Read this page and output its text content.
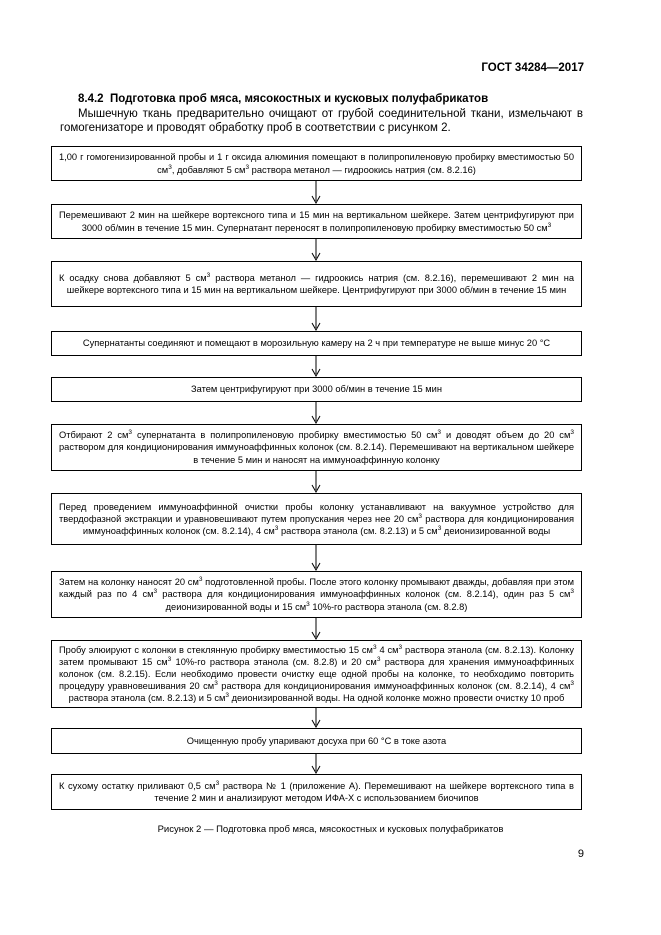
ГОСТ 34284—2017
8.4.2 Подготовка проб мяса, мясокостных и кусковых полуфабрикатов
Мышечную ткань предварительно очищают от грубой соединительной ткани, измельчают в гомогенизаторе и проводят обработку проб в соответствии с рисунком 2.
1,00 г гомогенизированной пробы и 1 г оксида алюминия помещают в полипропиленовую пробирку вместимостью 50 $см^3$, добавляют 5 $см^3$ раствора метанол — гидроокись натрия (см. 8.2.16)
Перемешивают 2 мин на шейкере вортексного типа и 15 мин на вертикальном шейкере. Затем центрифугируют при 3000 об/мин в течение 15 мин. Супернатант переносят в полипропиленовую пробирку вместимостью 50 $см^3$
К осадку снова добавляют 5 $см^3$ раствора метанол — гидроокись натрия (см. 8.2.16), перемешивают 2 мин на шейкере вортексного типа и 15 мин на вертикальном шейкере. Центрифугируют при 3000 об/мин в течение 15 мин
Супернатанты соединяют и помещают в морозильную камеру на 2 ч при температуре не выше минус 20 °С
Затем центрифугируют при 3000 об/мин в течение 15 мин
Отбирают 2 $см^3$ супернатанта в полипропиленовую пробирку вместимостью 50 $см^3$ и доводят объем до 20 $см^3$ раствором для кондиционирования иммуноаффинных колонок (см. 8.2.14). Перемешивают на вертикальном шейкере в течение 5 мин и наносят на иммуноаффинную колонку
Перед проведением иммуноаффинной очистки пробы колонку устанавливают на вакуумное устройство для твердофазной экстракции и уравновешивают путем пропускания через нее 20 $см^3$ раствора для кондиционирования иммуноаффинных колонок (см. 8.2.14), 4 $см^3$ раствора этанола (см. 8.2.13) и 5 $см^3$ деионизированной воды
Затем на колонку наносят 20 $см^3$ подготовленной пробы. После этого колонку промывают дважды, добавляя при этом каждый раз по 4 $см^3$ раствора для кондиционирования иммуноаффинных колонок (см. 8.2.14), один раз 5 $см^3$ деионизированной воды и 15 $см^3$ 10%-го раствора этанола (см. 8.2.8)
Пробу элюируют с колонки в стеклянную пробирку вместимостью 15 $см^3$ 4 $см^3$ раствора этанола (см. 8.2.13). Колонку затем промывают 15 $см^3$ 10%-го раствора этанола (см. 8.2.8) и 20 $см^3$ раствора для хранения иммуноаффинных колонок (см. 8.2.15). Если необходимо провести очистку еще одной пробы на колонке, то необходимо повторить процедуру уравновешивания 20 $см^3$ раствора для кондиционирования иммуноаффинных колонок (см. 8.2.14), 4 $см^3$ раствора этанола (см. 8.2.13) и 5 $см^3$ деионизированной воды. На одной колонке можно провести очистку 10 проб
Очищенную пробу упаривают досуха при 60 °С в токе азота
К сухому остатку приливают 0,5 $см^3$ раствора № 1 (приложение А). Перемешивают на шейкере вортексного типа в течение 2 мин и анализируют методом ИФА-Х с использованием биочипов
Рисунок 2 — Подготовка проб мяса, мясокостных и кусковых полуфабрикатов
9
